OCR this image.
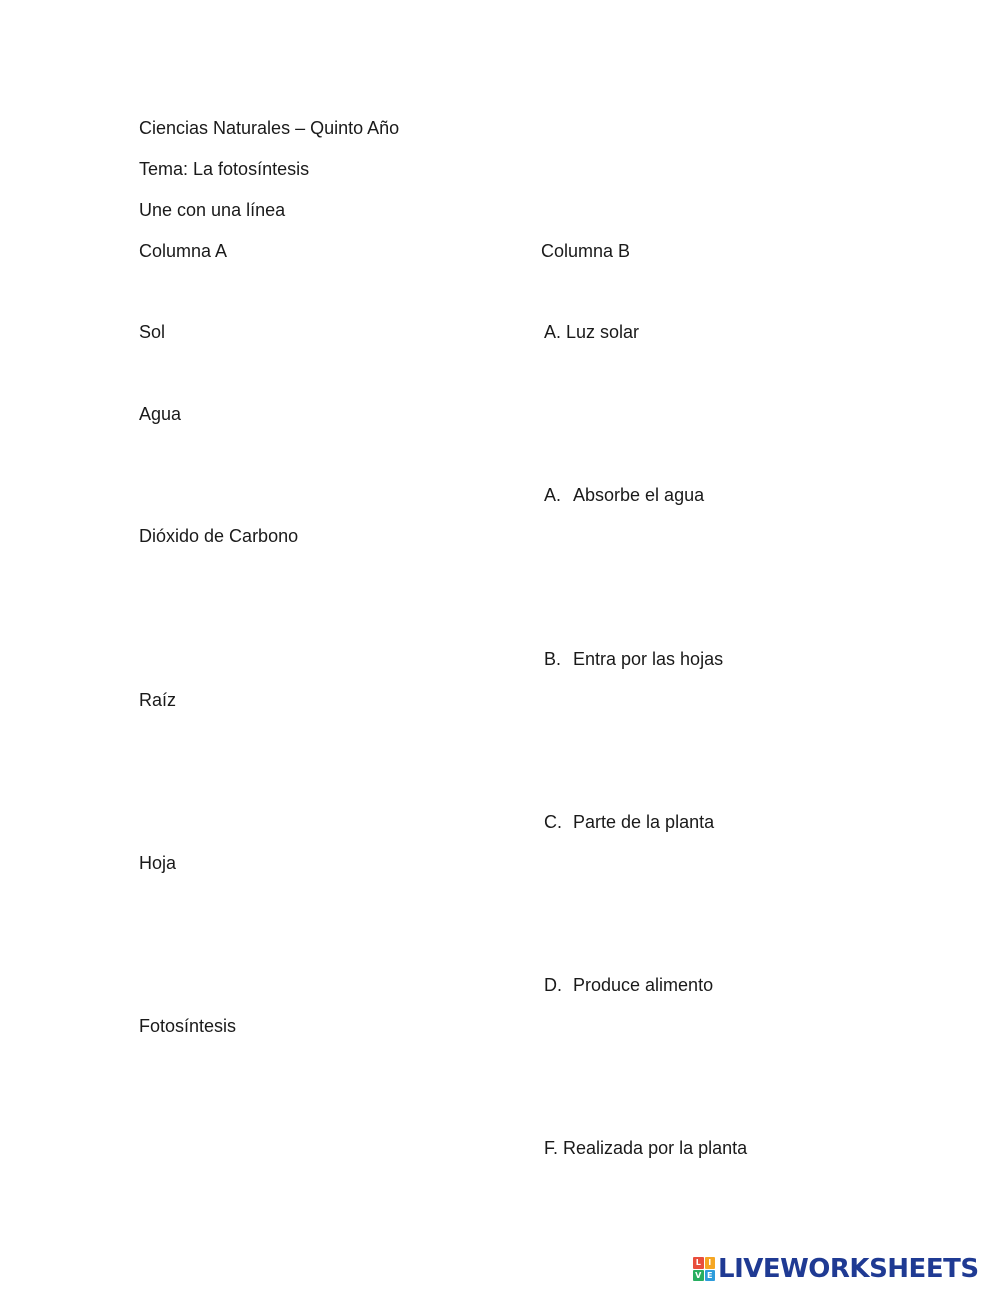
Ciencias Naturales – Quinto Año
Tema: La fotosíntesis
Une con una línea
Columna A	Columna B
Sol
Agua
Dióxido de Carbono
Raíz
Hoja
Fotosíntesis
A. Luz solar
A. Absorbe el agua
B. Entra por las hojas
C. Parte de la planta
D. Produce alimento
F. Realizada por la planta
L I
V E LIVEWORKSHEETS
